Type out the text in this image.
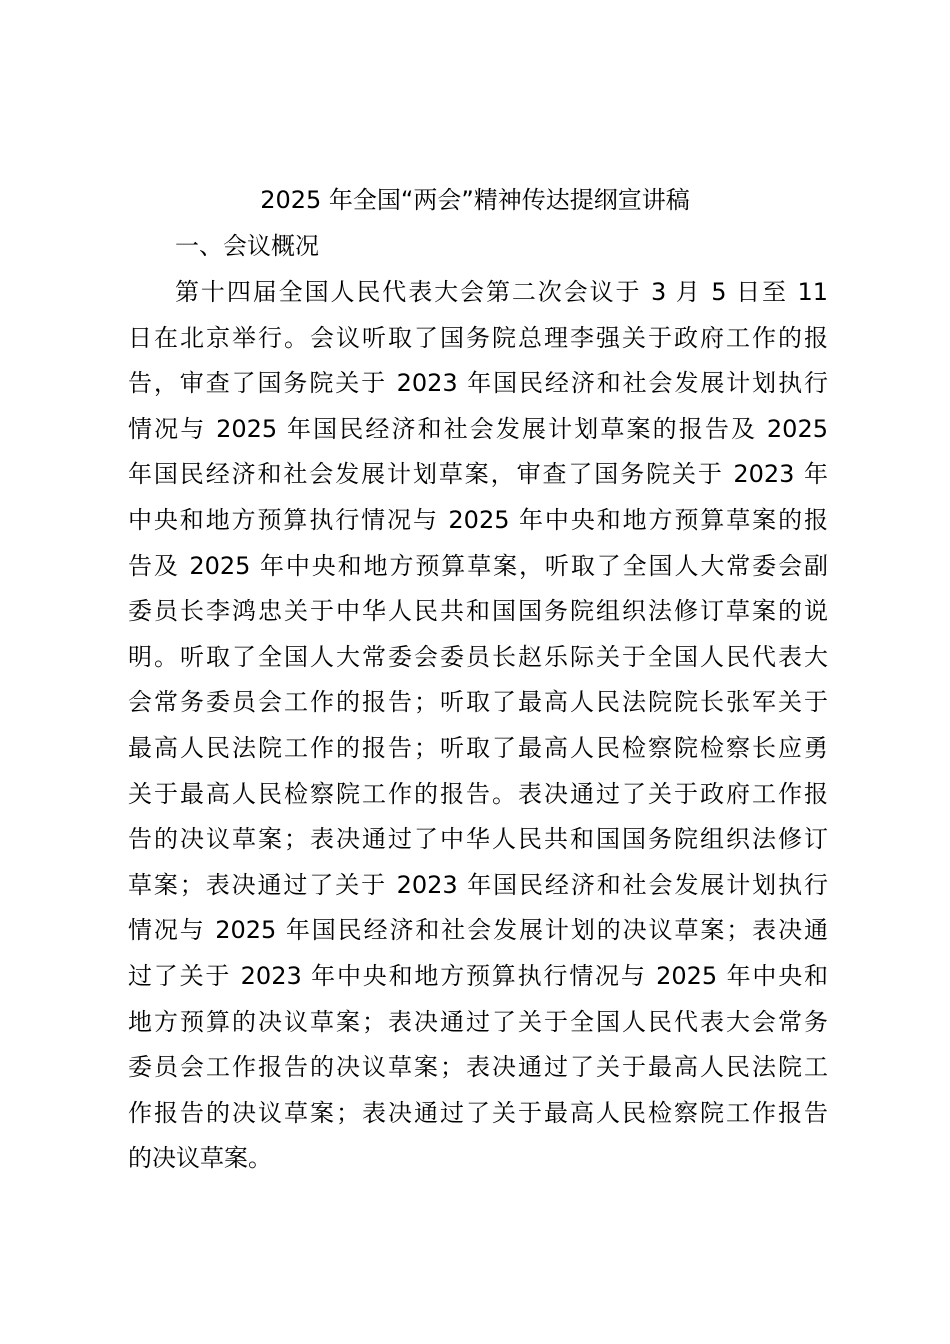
2025 年全国“两会”精神传达提纲宣讲稿
一、会议概况
第十四届全国人民代表大会第二次会议于 3 月 5 日至 11
日在北京举行。会议听取了国务院总理李强关于政府工作的报
告，审查了国务院关于 2023 年国民经济和社会发展计划执行
情况与 2025 年国民经济和社会发展计划草案的报告及 2025
年国民经济和社会发展计划草案，审查了国务院关于 2023 年
中央和地方预算执行情况与 2025 年中央和地方预算草案的报
告及 2025 年中央和地方预算草案，听取了全国人大常委会副
委员长李鸿忠关于中华人民共和国国务院组织法修订草案的说
明。听取了全国人大常委会委员长赵乐际关于全国人民代表大
会常务委员会工作的报告；听取了最高人民法院院长张军关于
最高人民法院工作的报告；听取了最高人民检察院检察长应勇
关于最高人民检察院工作的报告。表决通过了关于政府工作报
告的决议草案；表决通过了中华人民共和国国务院组织法修订
草案；表决通过了关于 2023 年国民经济和社会发展计划执行
情况与 2025 年国民经济和社会发展计划的决议草案；表决通
过了关于 2023 年中央和地方预算执行情况与 2025 年中央和
地方预算的决议草案；表决通过了关于全国人民代表大会常务
委员会工作报告的决议草案；表决通过了关于最高人民法院工
作报告的决议草案；表决通过了关于最高人民检察院工作报告
的决议草案。
